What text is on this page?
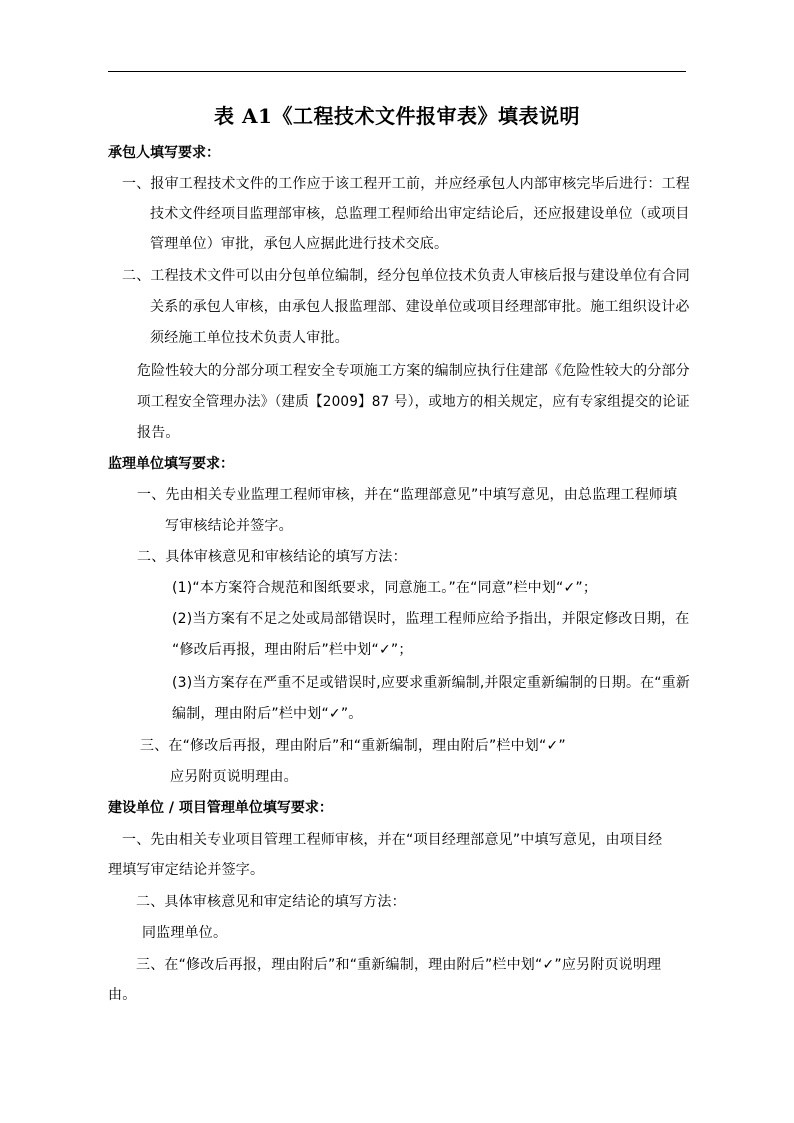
表 A1《工程技术文件报审表》填表说明
承包人填写要求：
一、报审工程技术文件的工作应于该工程开工前，并应经承包人内部审核完毕后进行：工程
技术文件经项目监理部审核，总监理工程师给出审定结论后，还应报建设单位（或项目
管理单位）审批，承包人应据此进行技术交底。
二、工程技术文件可以由分包单位编制，经分包单位技术负责人审核后报与建设单位有合同
关系的承包人审核，由承包人报监理部、建设单位或项目经理部审批。施工组织设计必
须经施工单位技术负责人审批。
危险性较大的分部分项工程安全专项施工方案的编制应执行住建部《危险性较大的分部分
项工程安全管理办法》（建质【2009】87 号），或地方的相关规定，应有专家组提交的论证
报告。
监理单位填写要求：
一、先由相关专业监理工程师审核，并在“监理部意见”中填写意见，由总监理工程师填
写审核结论并签字。
二、具体审核意见和审核结论的填写方法：
(1)“本方案符合规范和图纸要求，同意施工。”在“同意”栏中划“✓”；
(2)当方案有不足之处或局部错误时，监理工程师应给予指出，并限定修改日期，在
“修改后再报，理由附后”栏中划“✓”；
(3)当方案存在严重不足或错误时,应要求重新编制,并限定重新编制的日期。在“重新
编制，理由附后”栏中划“✓”。
三、在“修改后再报，理由附后”和“重新编制，理由附后”栏中划“✓”
应另附页说明理由。
建设单位 / 项目管理单位填写要求：
一、先由相关专业项目管理工程师审核，并在“项目经理部意见”中填写意见，由项目经
理填写审定结论并签字。
二、具体审核意见和审定结论的填写方法：
同监理单位。
三、在“修改后再报，理由附后”和“重新编制，理由附后”栏中划“✓”应另附页说明理
由。
